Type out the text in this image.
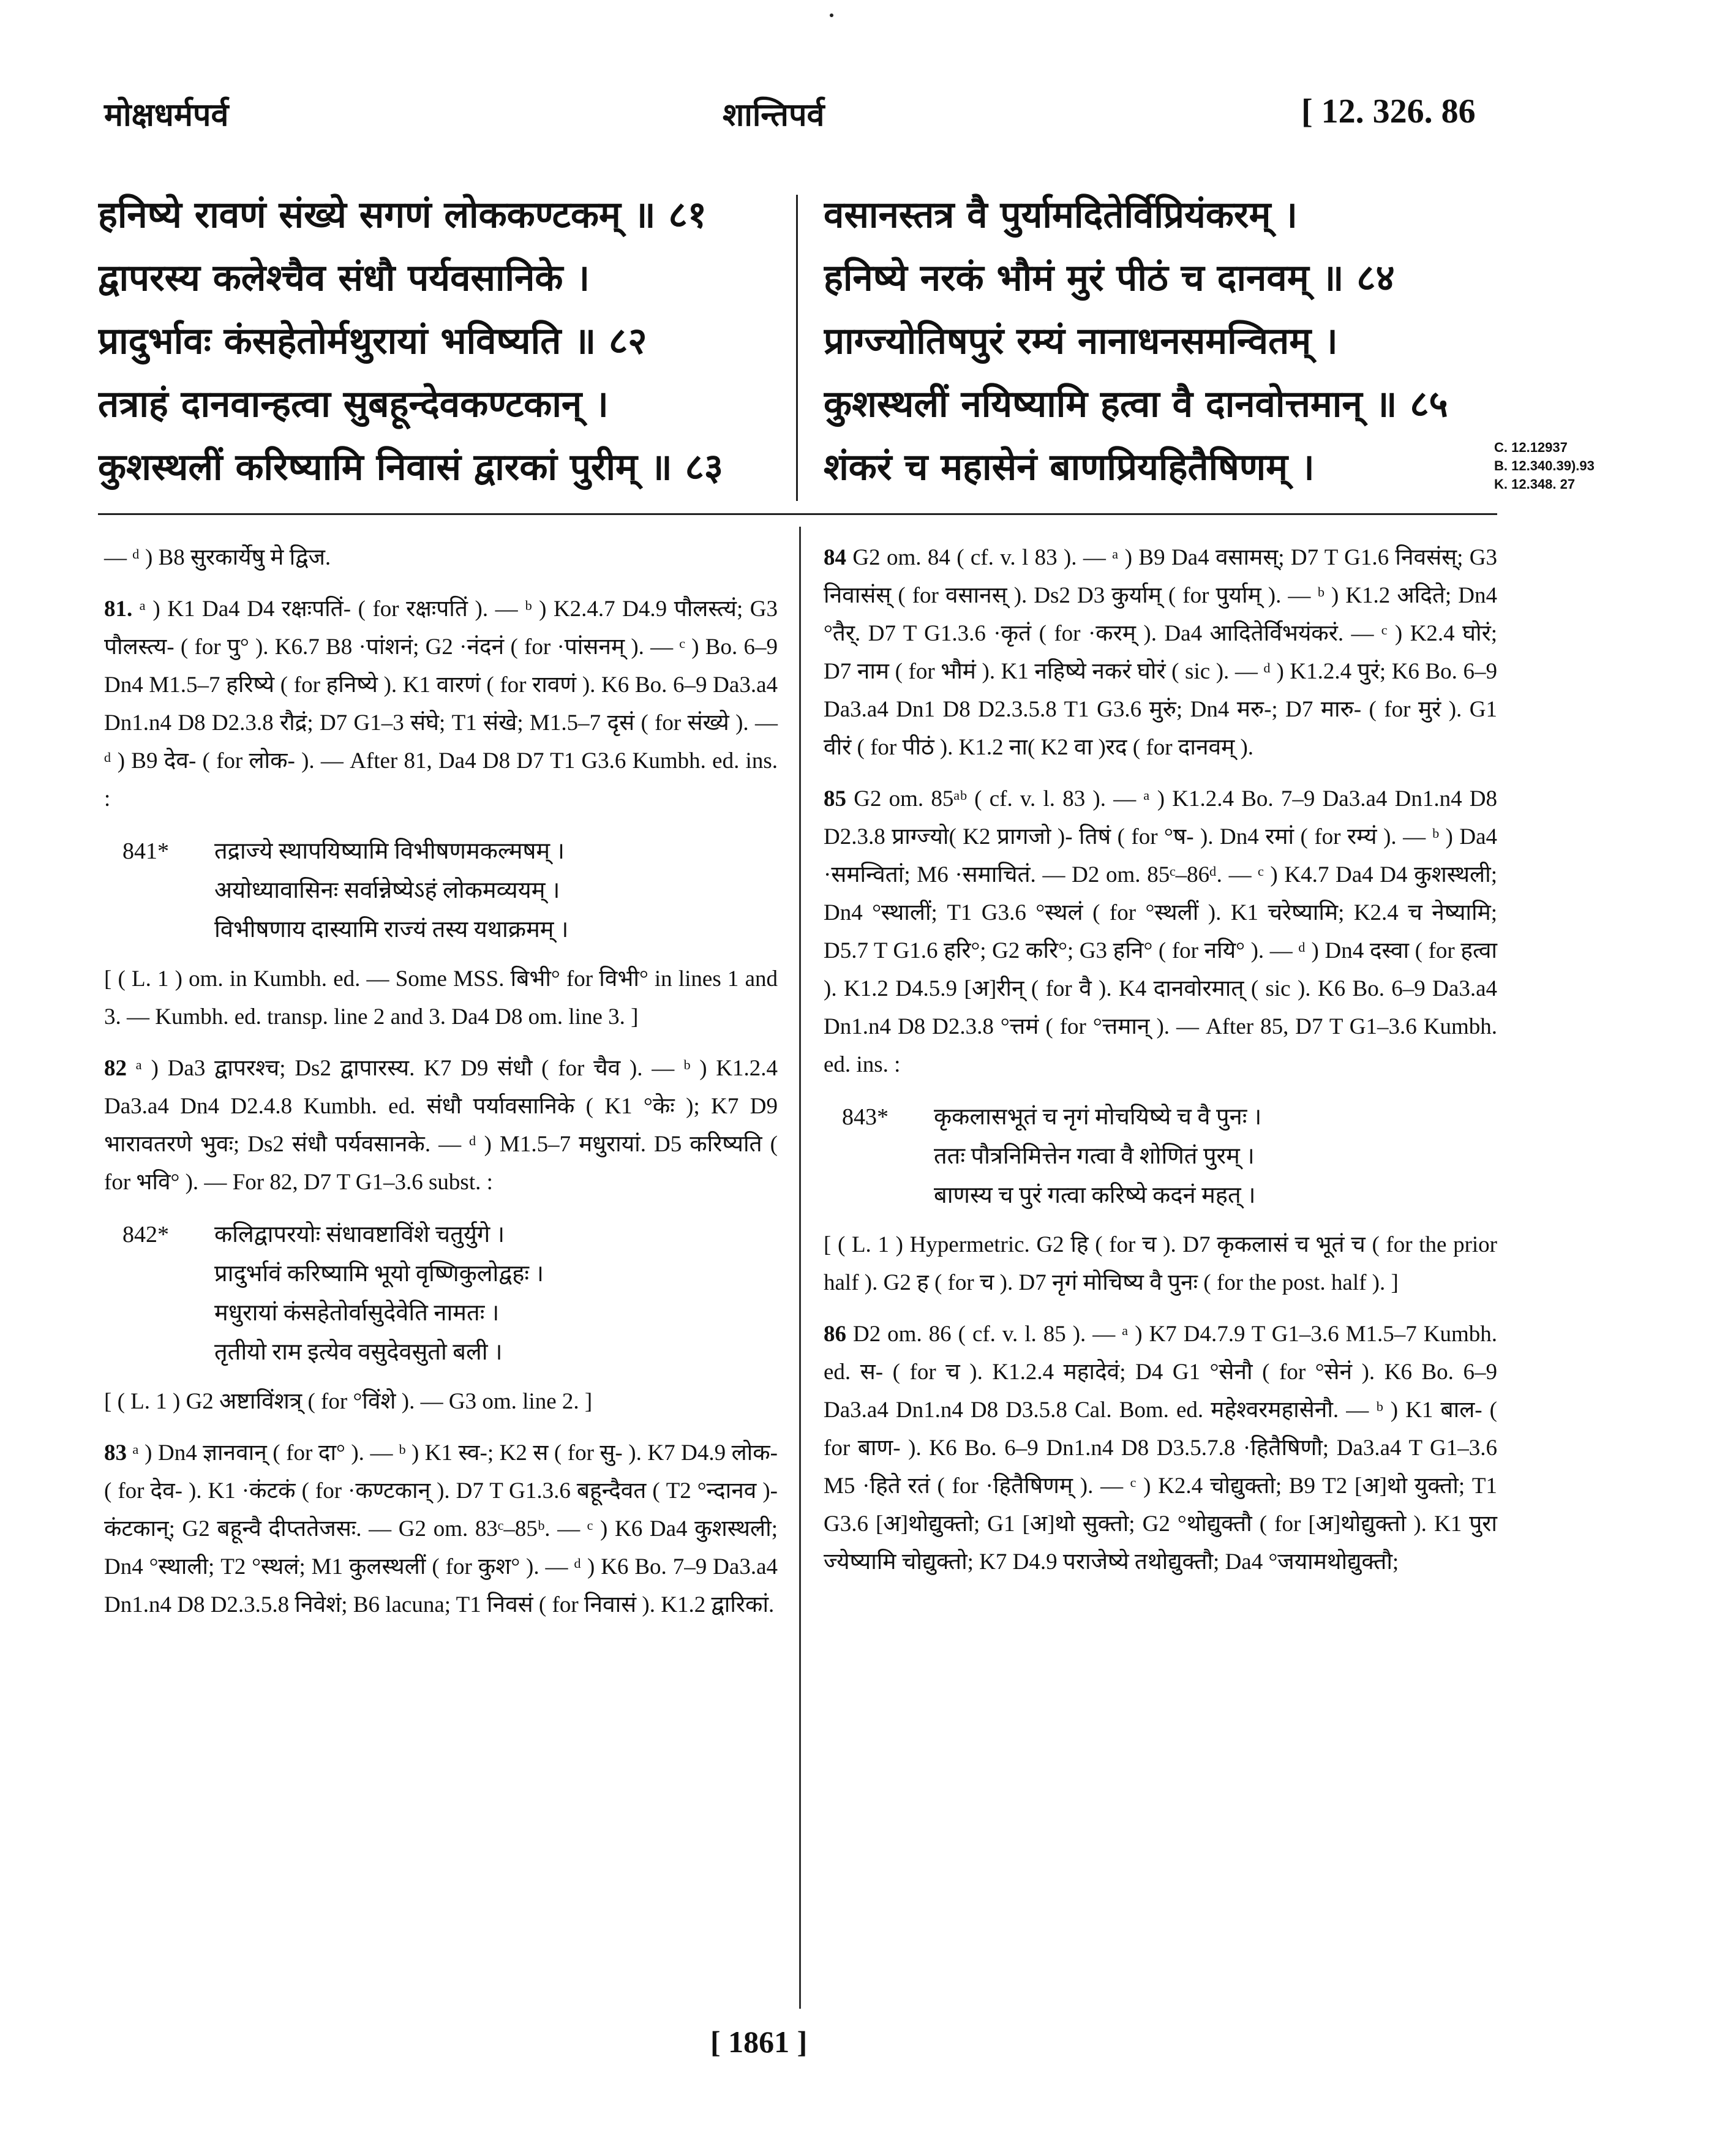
मोक्षधर्मपर्व	शान्तिपर्व	[ 12. 326. 86
हनिष्ये रावणं संख्ये सगणं लोककण्टकम् ॥ ८१
द्वापरस्य कलेश्चैव संधौ पर्यवसानिके ।
प्रादुर्भावः कंसहेतोर्मथुरायां भविष्यति ॥ ८२
तत्राहं दानवान्हत्वा सुबहून्देवकण्टकान् ।
कुशस्थलीं करिष्यामि निवासं द्वारकां पुरीम् ॥ ८३
वसानस्तत्र वै पुर्यामदितेर्विप्रियंकरम् ।
हनिष्ये नरकं भौमं मुरं पीठं च दानवम् ॥ ८४
प्राग्ज्योतिषपुरं रम्यं नानाधनसमन्वितम् ।
कुशस्थलीं नयिष्यामि हत्वा वै दानवोत्तमान् ॥ ८५
शंकरं च महासेनं बाणप्रियहितैषिणम् ।	C. 12.12937
B. 12.340.39).93
K. 12.348. 27

— ᵈ ) B8 सुरकार्येषु मे द्विज.

81. ᵃ ) K1 Da4 D4 रक्षःपतिं- ( for रक्षःपतिं ). — ᵇ ) K2.4.7 D4.9 पौलस्त्यं; G3 पौलस्त्य- ( for पु° ). K6.7 B8 ·पांशनं; G2 ·नंदनं ( for ·पांसनम् ). — ᶜ ) Bo. 6–9 Dn4 M1.5–7 हरिष्ये ( for हनिष्ये ). K1 वारणं ( for रावणं ). K6 Bo. 6–9 Da3.a4 Dn1.n4 D8 D2.3.8 रौद्रं; D7 G1–3 संघे; T1 संखे; M1.5–7 दृसं ( for संख्ये ). — ᵈ ) B9 देव- ( for लोक- ). — After 81, Da4 D8 D7 T1 G3.6 Kumbh. ed. ins. :

841* तद्राज्ये स्थापयिष्यामि विभीषणमकल्मषम् ।
अयोध्यावासिनः सर्वान्नेष्येऽहं लोकमव्ययम् ।
विभीषणाय दास्यामि राज्यं तस्य यथाक्रमम् ।

[ ( L. 1 ) om. in Kumbh. ed. — Some MSS. बिभी° for विभी° in lines 1 and 3. — Kumbh. ed. transp. line 2 and 3. Da4 D8 om. line 3. ]

82 ᵃ ) Da3 द्वापरश्च; Ds2 द्वापारस्य. K7 D9 संधौ ( for चैव ). — ᵇ ) K1.2.4 Da3.a4 Dn4 D2.4.8 Kumbh. ed. संधौ पर्यावसानिके ( K1 °केः ); K7 D9 भारावतरणे भुवः; Ds2 संधौ पर्यवसानके. — ᵈ ) M1.5–7 मधुरायां. D5 करिष्यति ( for भवि° ). — For 82, D7 T G1–3.6 subst. :

842* कलिद्वापरयोः संधावष्टाविंशे चतुर्युगे ।
प्रादुर्भावं करिष्यामि भूयो वृष्णिकुलोद्वहः ।
मधुरायां कंसहेतोर्वासुदेवेति नामतः ।
तृतीयो राम इत्येव वसुदेवसुतो बली ।

[ ( L. 1 ) G2 अष्टाविंशत्र् ( for °विंशे ). — G3 om. line 2. ]

83 ᵃ ) Dn4 ज्ञानवान् ( for दा° ). — ᵇ ) K1 स्व-; K2 स ( for सु- ). K7 D4.9 लोक- ( for देव- ). K1 ·कंटकं ( for ·कण्टकान् ). D7 T G1.3.6 बहून्दैवत ( T2 °न्दानव )- कंटकान्; G2 बहून्वै दीप्ततेजसः. — G2 om. 83ᶜ–85ᵇ. — ᶜ ) K6 Da4 कुशस्थली; Dn4 °स्थाली; T2 °स्थलं; M1 कुलस्थलीं ( for कुश° ). — ᵈ ) K6 Bo. 7–9 Da3.a4 Dn1.n4 D8 D2.3.5.8 निवेशं; B6 lacuna; T1 निवसं ( for निवासं ). K1.2 द्वारिकां.

84 G2 om. 84 ( cf. v. l 83 ). — ᵃ ) B9 Da4 वसामस्; D7 T G1.6 निवसंस्; G3 निवासंस् ( for वसानस् ). Ds2 D3 कुर्याम् ( for पुर्याम् ). — ᵇ ) K1.2 अदिते; Dn4 °तैर्. D7 T G1.3.6 ·कृतं ( for ·करम् ). Da4 आदितेर्विभयंकरं. — ᶜ ) K2.4 घोरं; D7 नाम ( for भौमं ). K1 नहिष्ये नकरं घोरं ( sic ). — ᵈ ) K1.2.4 पुरं; K6 Bo. 6–9 Da3.a4 Dn1 D8 D2.3.5.8 T1 G3.6 मुरुं; Dn4 मरु-; D7 मारु- ( for मुरं ). G1 वीरं ( for पीठं ). K1.2 ना( K2 वा )रद ( for दानवम् ).

85 G2 om. 85ᵃᵇ ( cf. v. l. 83 ). — ᵃ ) K1.2.4 Bo. 7–9 Da3.a4 Dn1.n4 D8 D2.3.8 प्राग्ज्यो( K2 प्रागजो )- तिषं ( for °ष- ). Dn4 रमां ( for रम्यं ). — ᵇ ) Da4 ·समन्वितां; M6 ·समाचितं. — D2 om. 85ᶜ–86ᵈ. — ᶜ ) K4.7 Da4 D4 कुशस्थली; Dn4 °स्थालीं; T1 G3.6 °स्थलं ( for °स्थलीं ). K1 चरेष्यामि; K2.4 च नेष्यामि; D5.7 T G1.6 हरि°; G2 करि°; G3 हनि° ( for नयि° ). — ᵈ ) Dn4 दस्वा ( for हत्वा ). K1.2 D4.5.9 [अ]रीन् ( for वै ). K4 दानवोरमात् ( sic ). K6 Bo. 6–9 Da3.a4 Dn1.n4 D8 D2.3.8 °त्तमं ( for °त्तमान् ). — After 85, D7 T G1–3.6 Kumbh. ed. ins. :

843* कृकलासभूतं च नृगं मोचयिष्ये च वै पुनः ।
ततः पौत्रनिमित्तेन गत्वा वै शोणितं पुरम् ।
बाणस्य च पुरं गत्वा करिष्ये कदनं महत् ।

[ ( L. 1 ) Hypermetric. G2 हि ( for च ). D7 कृकलासं च भूतं च ( for the prior half ). G2 ह ( for च ). D7 नृगं मोचिष्य वै पुनः ( for the post. half ). ]

86 D2 om. 86 ( cf. v. l. 85 ). — ᵃ ) K7 D4.7.9 T G1–3.6 M1.5–7 Kumbh. ed. स- ( for च ). K1.2.4 महादेवं; D4 G1 °सेनौ ( for °सेनं ). K6 Bo. 6–9 Da3.a4 Dn1.n4 D8 D3.5.8 Cal. Bom. ed. महेश्वरमहासेनौ. — ᵇ ) K1 बाल- ( for बाण- ). K6 Bo. 6–9 Dn1.n4 D8 D3.5.7.8 ·हितैषिणौ; Da3.a4 T G1–3.6 M5 ·हिते रतं ( for ·हितैषिणम् ). — ᶜ ) K2.4 चोद्युक्तो; B9 T2 [अ]थो युक्तो; T1 G3.6 [अ]थोद्युक्तो; G1 [अ]थो सुक्तो; G2 °थोद्युक्तौ ( for [अ]थोद्युक्तो ). K1 पुरा ज्येष्यामि चोद्युक्तो; K7 D4.9 पराजेष्ये तथोद्युक्तौ; Da4 °जयामथोद्युक्तौ;

[ 1861 ]
